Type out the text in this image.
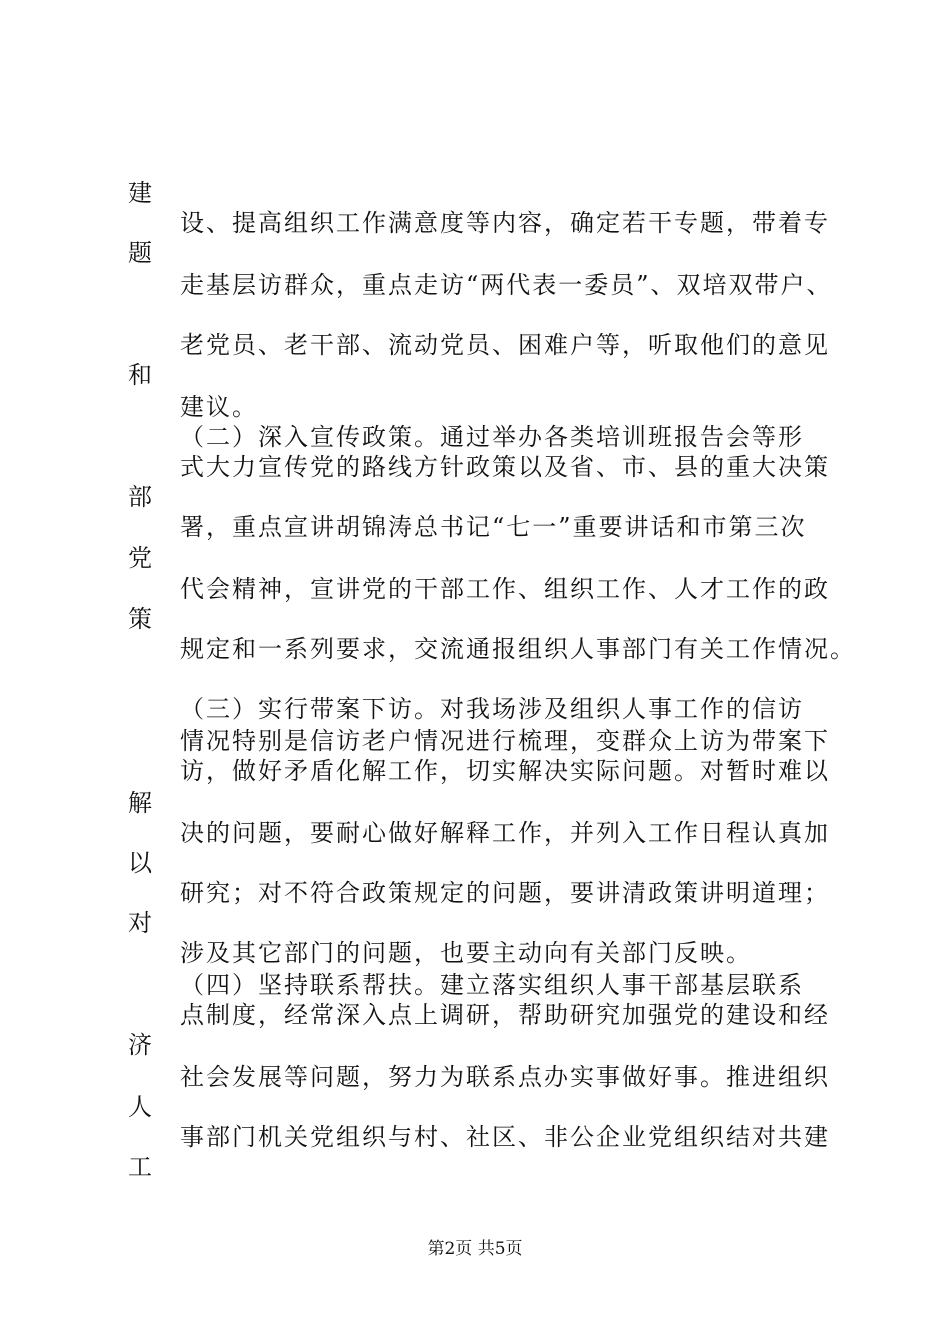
建
题
和
部
党
策
解
以
对
济
人
工
设、提高组织工作满意度等内容，确定若干专题，带着专
走基层访群众，重点走访“两代表一委员”、双培双带户、
老党员、老干部、流动党员、困难户等，听取他们的意见
建议。
（二）深入宣传政策。通过举办各类培训班报告会等形
式大力宣传党的路线方针政策以及省、市、县的重大决策
署，重点宣讲胡锦涛总书记“七一”重要讲话和市第三次
代会精神，宣讲党的干部工作、组织工作、人才工作的政
规定和一系列要求，交流通报组织人事部门有关工作情况。
（三）实行带案下访。对我场涉及组织人事工作的信访
情况特别是信访老户情况进行梳理，变群众上访为带案下
访，做好矛盾化解工作，切实解决实际问题。对暂时难以
决的问题，要耐心做好解释工作，并列入工作日程认真加
研究；对不符合政策规定的问题，要讲清政策讲明道理；
涉及其它部门的问题，也要主动向有关部门反映。
（四）坚持联系帮扶。建立落实组织人事干部基层联系
点制度，经常深入点上调研，帮助研究加强党的建设和经
社会发展等问题，努力为联系点办实事做好事。推进组织
事部门机关党组织与村、社区、非公企业党组织结对共建
第2页 共5页
